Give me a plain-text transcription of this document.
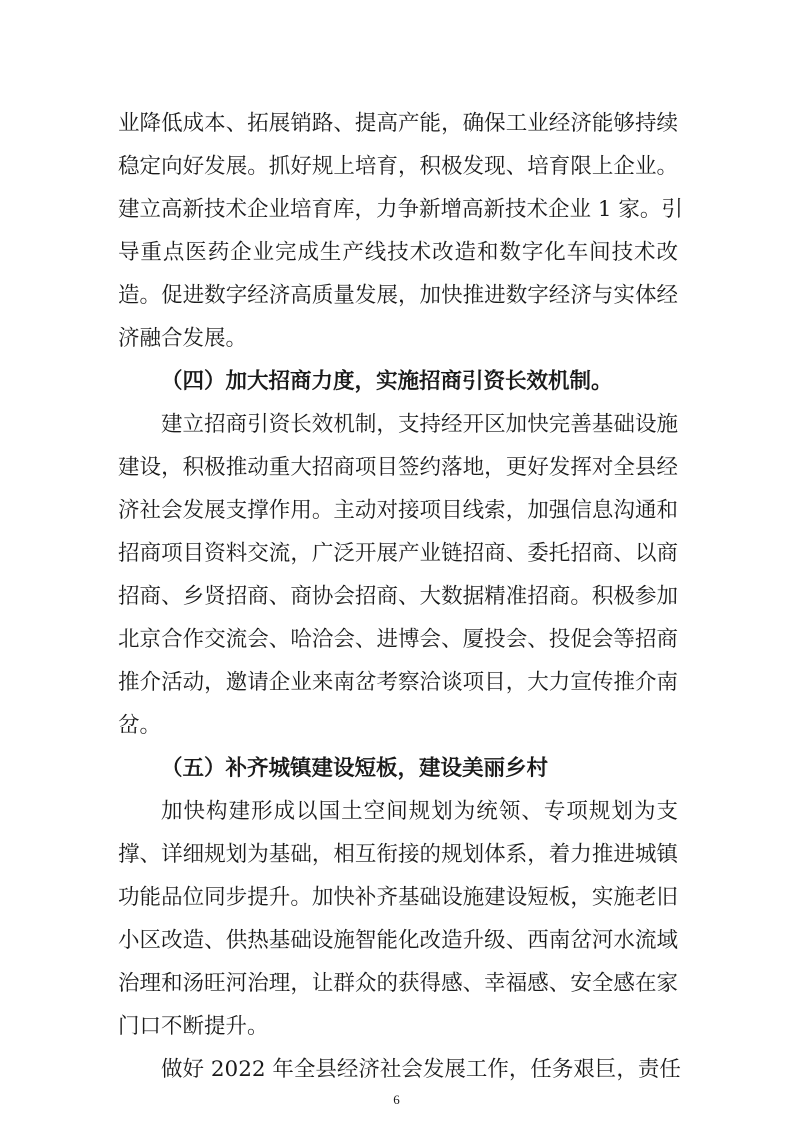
业降低成本、拓展销路、提高产能，确保工业经济能够持续
稳定向好发展。抓好规上培育，积极发现、培育限上企业。
建立高新技术企业培育库，力争新增高新技术企业 1 家。引
导重点医药企业完成生产线技术改造和数字化车间技术改
造。促进数字经济高质量发展，加快推进数字经济与实体经
济融合发展。
（四）加大招商力度，实施招商引资长效机制。
建立招商引资长效机制，支持经开区加快完善基础设施
建设，积极推动重大招商项目签约落地，更好发挥对全县经
济社会发展支撑作用。主动对接项目线索，加强信息沟通和
招商项目资料交流，广泛开展产业链招商、委托招商、以商
招商、乡贤招商、商协会招商、大数据精准招商。积极参加
北京合作交流会、哈洽会、进博会、厦投会、投促会等招商
推介活动，邀请企业来南岔考察洽谈项目，大力宣传推介南
岔。
（五）补齐城镇建设短板，建设美丽乡村
加快构建形成以国土空间规划为统领、专项规划为支
撑、详细规划为基础，相互衔接的规划体系，着力推进城镇
功能品位同步提升。加快补齐基础设施建设短板，实施老旧
小区改造、供热基础设施智能化改造升级、西南岔河水流域
治理和汤旺河治理，让群众的获得感、幸福感、安全感在家
门口不断提升。
做好 2022 年全县经济社会发展工作，任务艰巨，责任
6
